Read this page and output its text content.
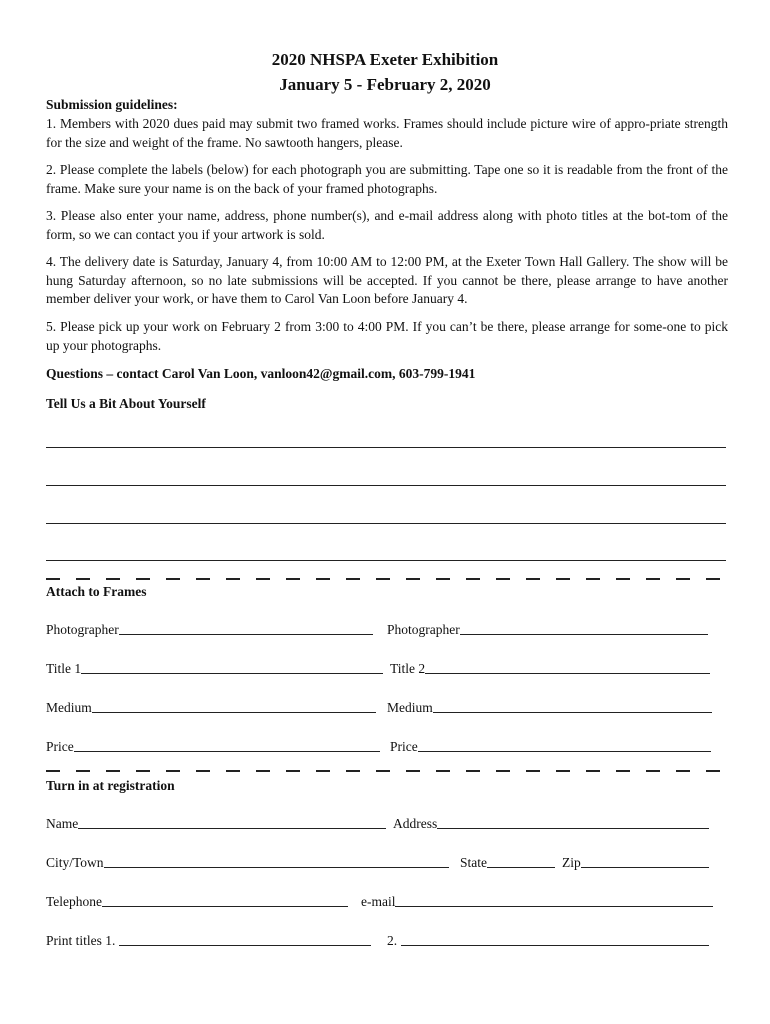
2020 NHSPA Exeter Exhibition
January 5 - February 2, 2020
Submission guidelines:
1. Members with 2020 dues paid may submit two framed works. Frames should include picture wire of appro-priate strength for the size and weight of the frame. No sawtooth hangers, please.
2. Please complete the labels (below) for each photograph you are submitting. Tape one so it is readable from the front of the frame. Make sure your name is on the back of your framed photographs.
3. Please also enter your name, address, phone number(s), and e-mail address along with photo titles at the bot-tom of the form, so we can contact you if your artwork is sold.
4. The delivery date is Saturday, January 4, from 10:00 AM to 12:00 PM, at the Exeter Town Hall Gallery. The show will be hung Saturday afternoon, so no late submissions will be accepted. If you cannot be there, please arrange to have another member deliver your work, or have them to Carol Van Loon before January 4.
5. Please pick up your work on February 2 from 3:00 to 4:00 PM. If you can’t be there, please arrange for some-one to pick up your photographs.
Questions – contact Carol Van Loon, vanloon42@gmail.com, 603-799-1941
Tell Us a Bit About Yourself
Attach to Frames
Photographer	Photographer
Title 1	Title 2
Medium	Medium
Price	Price
Turn in at registration
Name	Address
City/Town	State	Zip
Telephone	e-mail
Print titles 1.	2.
